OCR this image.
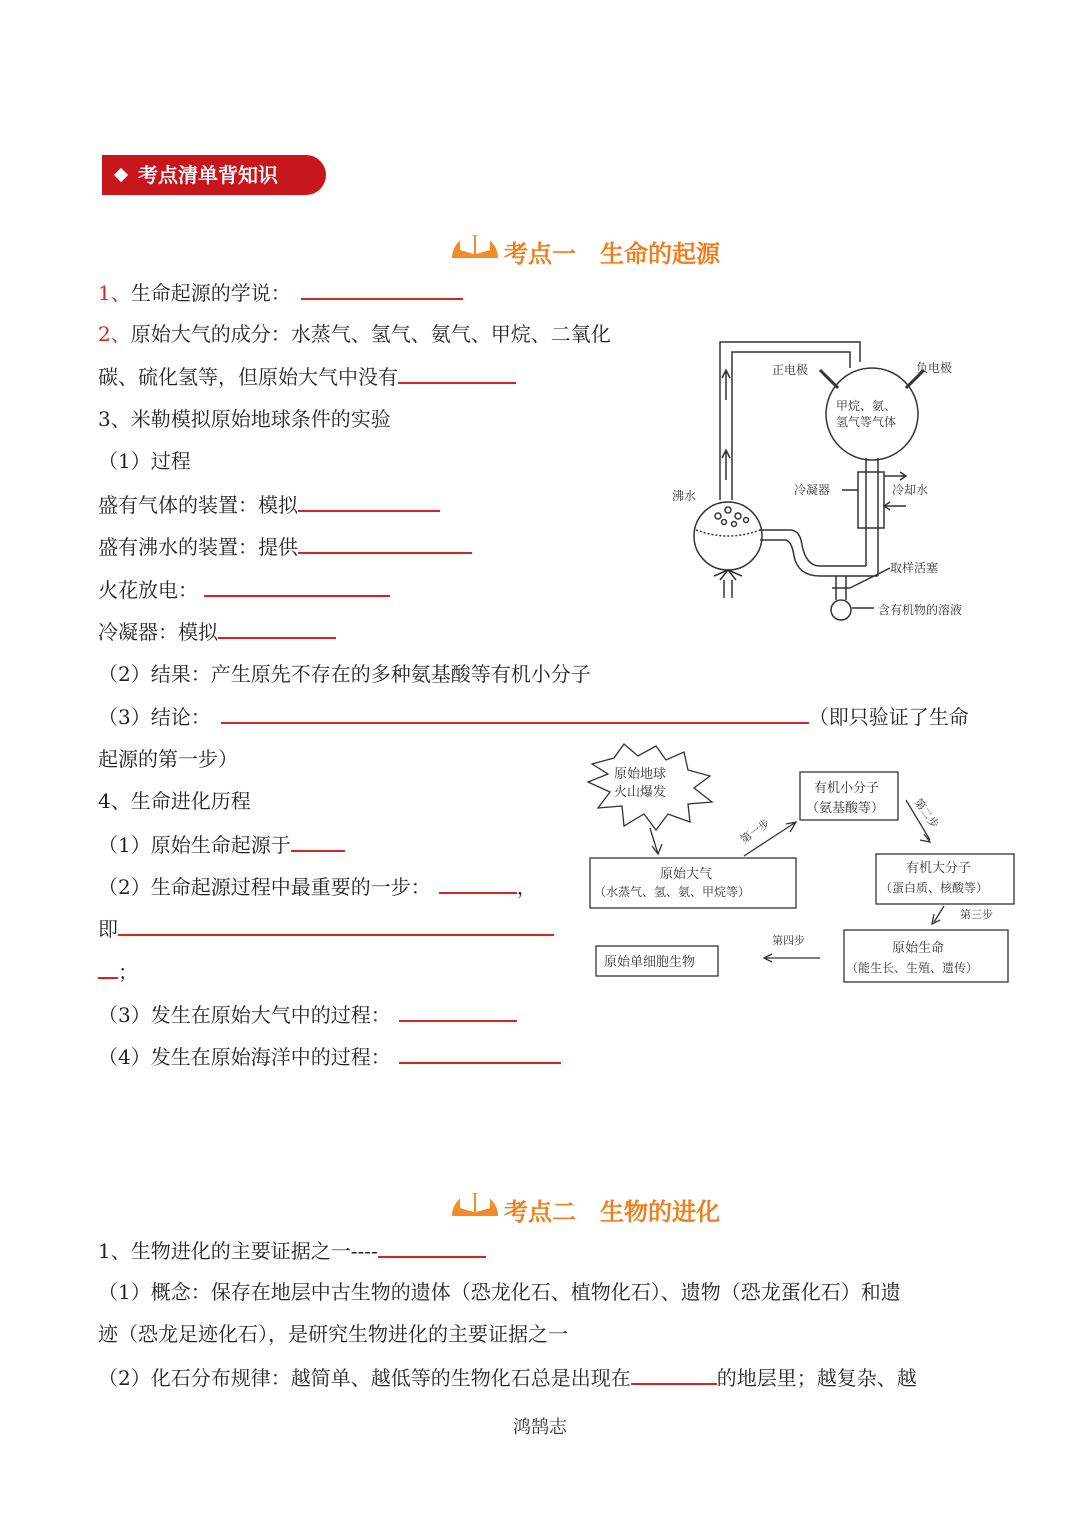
考点清单背知识
考点一　生命的起源
1、生命起源的学说：
2、原始大气的成分：水蒸气、氢气、氨气、甲烷、二氧化
碳、硫化氢等，但原始大气中没有
3、米勒模拟原始地球条件的实验
（1）过程
盛有气体的装置：模拟
盛有沸水的装置：提供
火花放电：
冷凝器：模拟
（2）结果：产生原先不存在的多种氨基酸等有机小分子
（3）结论：	（即只验证了生命
起源的第一步）
4、生命进化历程
（1）原始生命起源于
（2）生命起源过程中最重要的一步：	，
即
；
（3）发生在原始大气中的过程：
（4）发生在原始海洋中的过程：
正电极	负电极
甲烷、氨、
氢气等气体
沸水	冷凝器	冷却水
取样活塞
含有机物的溶液
原始地球
火山爆发
原始大气
（水蒸气、氢、氨、甲烷等）
有机小分子
（氨基酸等）
有机大分子
（蛋白质、核酸等）
原始生命
（能生长、生殖、遗传）
原始单细胞生物
第一步
第二步
第三步
第四步
考点二　生物的进化
1、生物进化的主要证据之一----
（1）概念：保存在地层中古生物的遗体（恐龙化石、植物化石）、遗物（恐龙蛋化石）和遗
迹（恐龙足迹化石），是研究生物进化的主要证据之一
（2）化石分布规律：越简单、越低等的生物化石总是出现在	的地层里；越复杂、越
鸿鹄志
